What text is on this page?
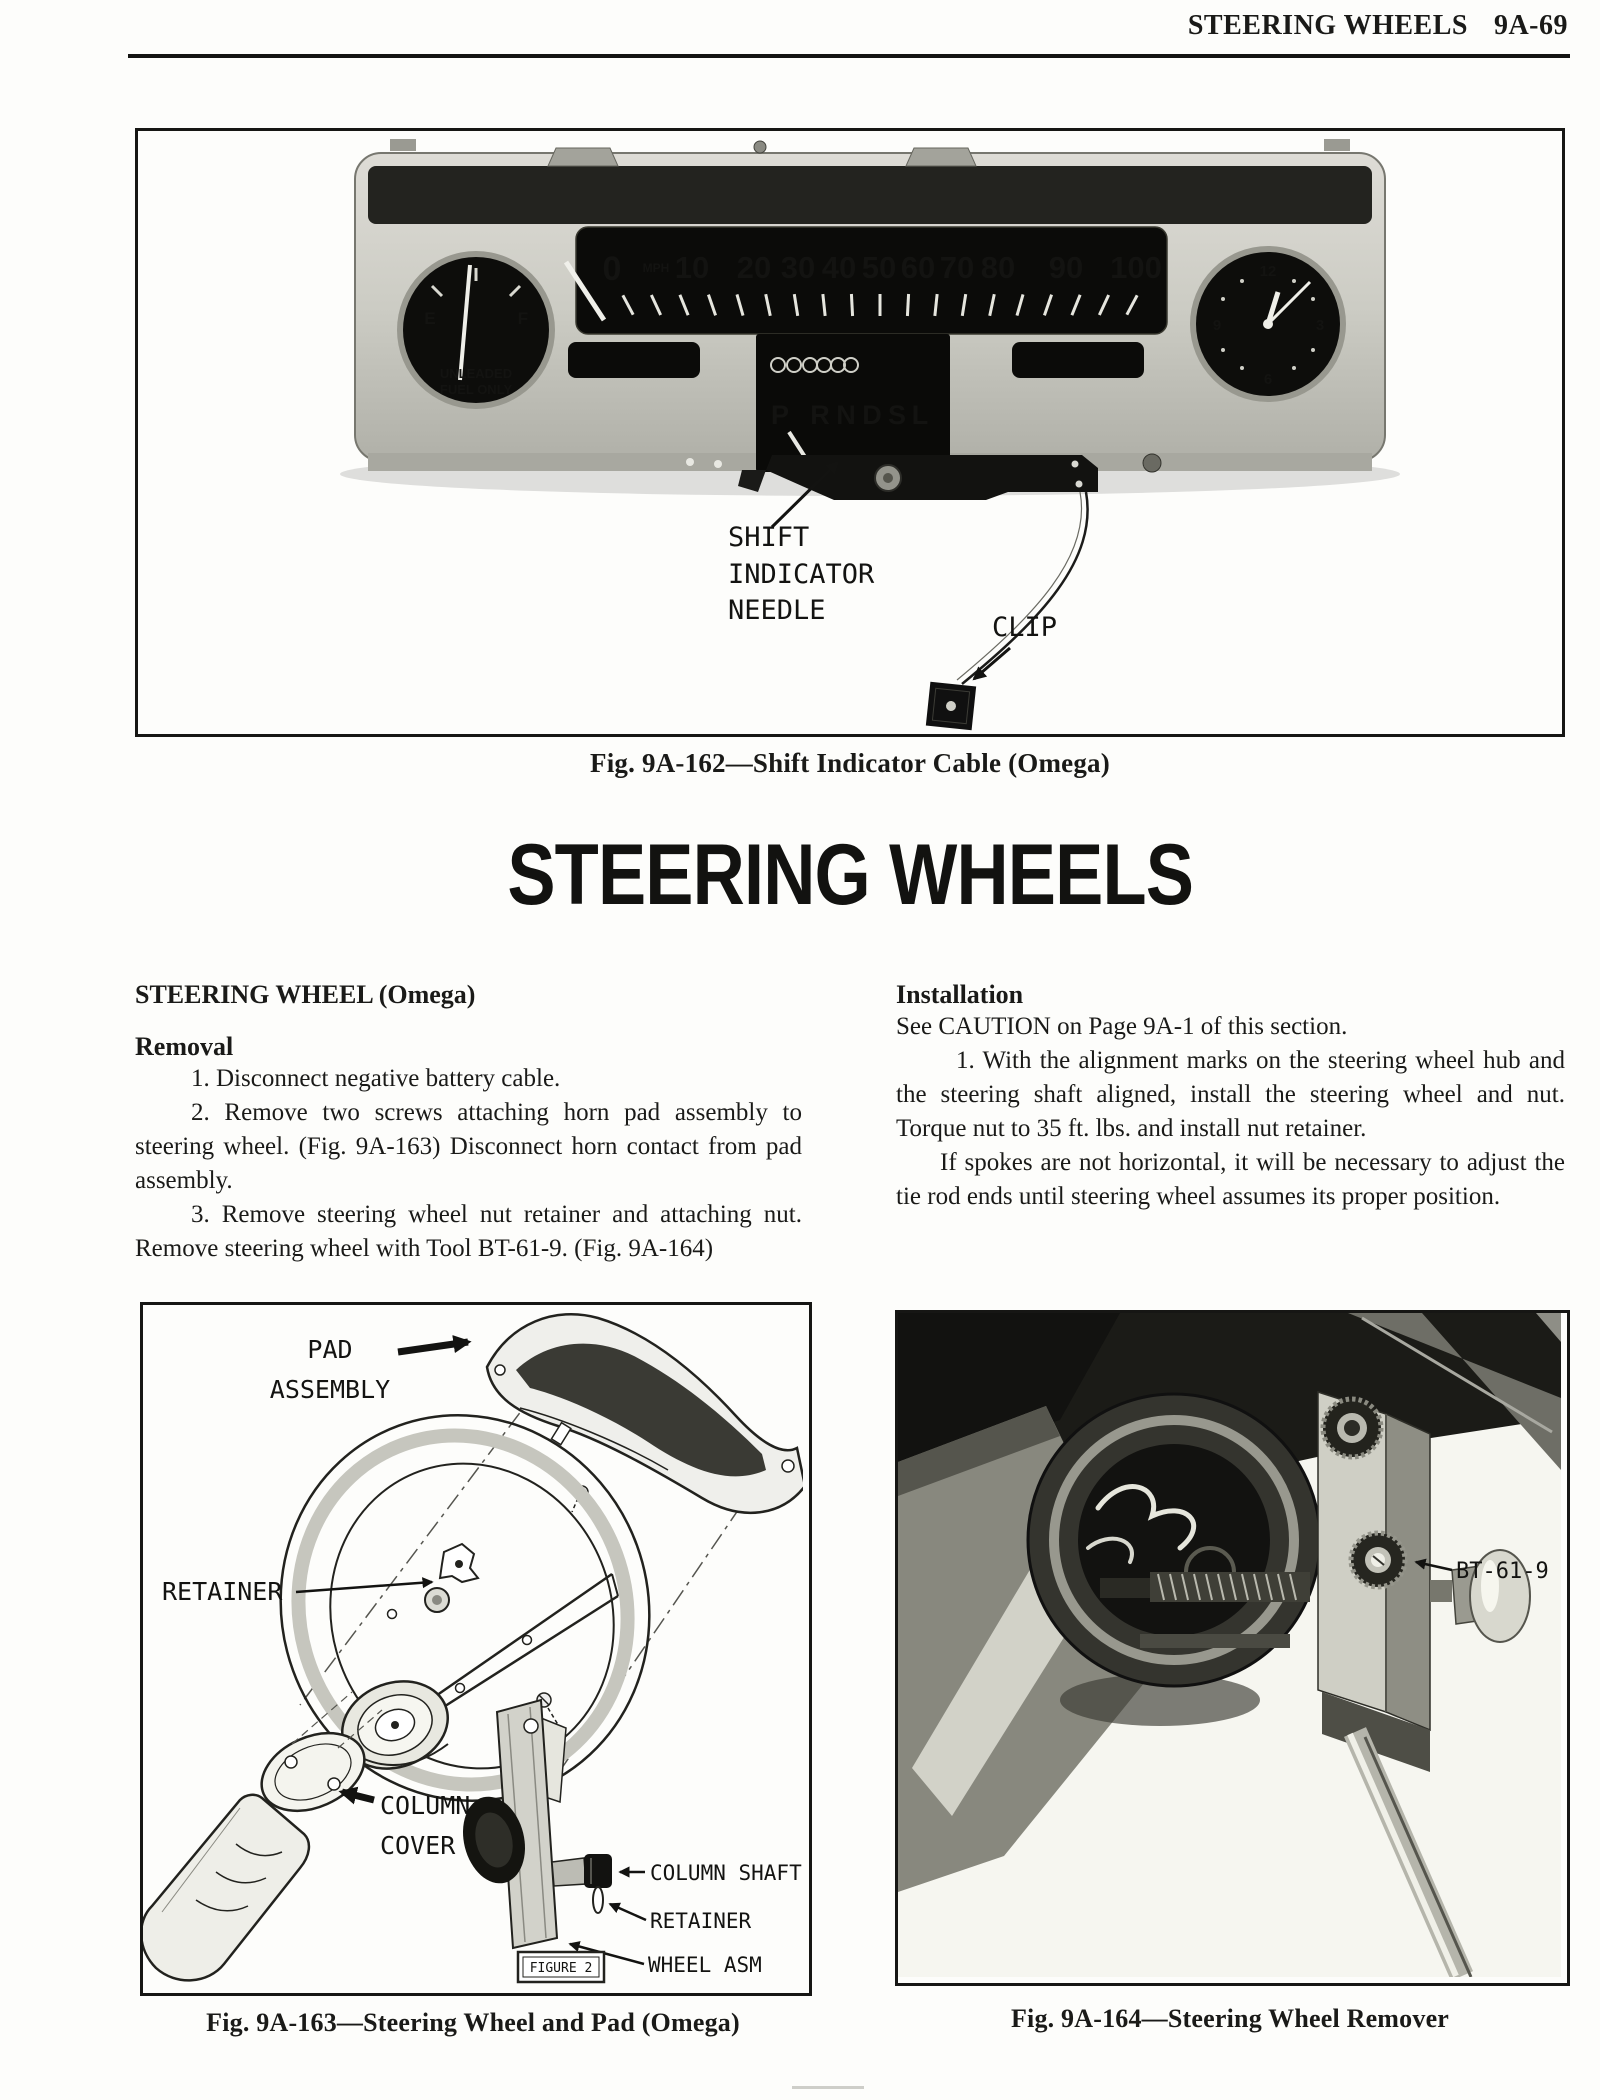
STEERING WHEELS 9A-69
E	F
UNLEADED
FUEL ONLY
0 MPH 10 20 30 40 50 60 70 80 90 100	12
3
6
9
P R N D S L
SHIFT
INDICATOR
NEEDLE
CLIP
Fig. 9A-162—Shift Indicator Cable (Omega)
STEERING WHEELS
STEERING WHEEL (Omega)
Removal

1. Disconnect negative battery cable.

2. Remove two screws attaching horn pad assembly to steering wheel. (Fig. 9A-163) Disconnect horn contact from pad assembly.

3. Remove steering wheel nut retainer and attaching nut. Remove steering wheel with Tool BT-61-9. (Fig. 9A-164)

Installation

See CAUTION on Page 9A-1 of this section.

1. With the alignment marks on the steering wheel hub and the steering shaft aligned, install the steering wheel and nut. Torque nut to 35 ft. lbs. and install nut retainer.

If spokes are not horizontal, it will be necessary to adjust the tie rod ends until steering wheel assumes its proper position.

PAD
ASSEMBLY
RETAINER
COLUMN
COVER
COLUMN SHAFT
RETAINER
WHEEL ASM
FIGURE 2
Fig. 9A-163—Steering Wheel and Pad (Omega)
BT-61-9
Fig. 9A-164—Steering Wheel Remover
